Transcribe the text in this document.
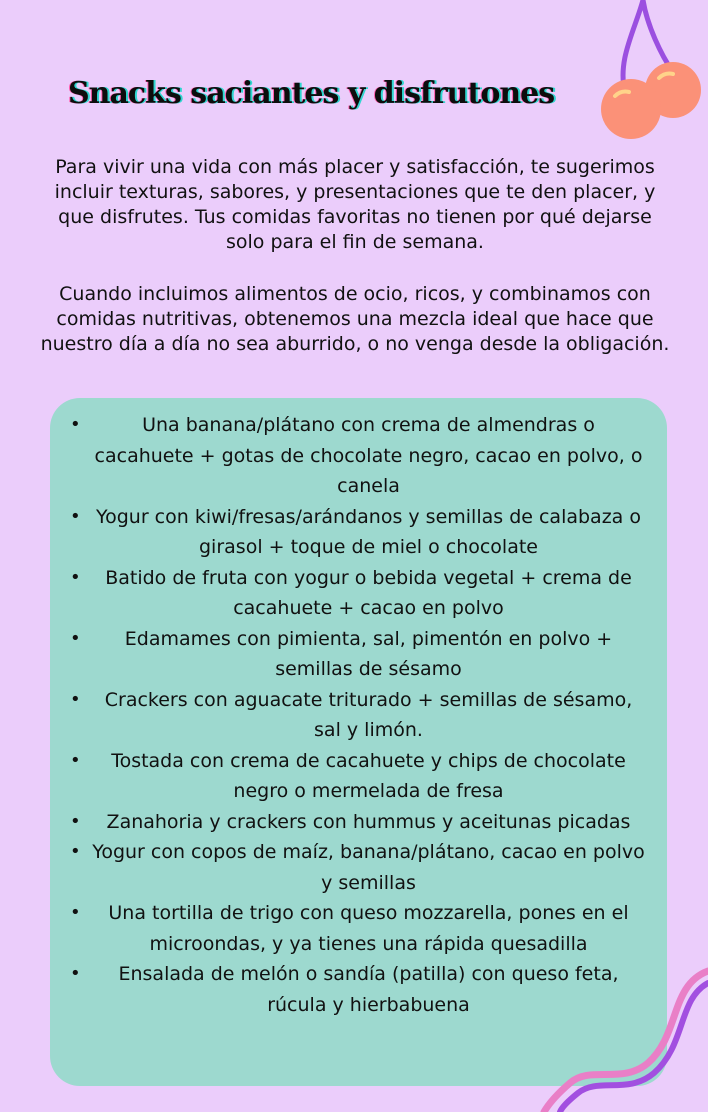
Snacks saciantes y disfrutones

Para vivir una vida con más placer y satisfacción, te sugerimos incluir texturas, sabores, y presentaciones que te den placer, y que disfrutes. Tus comidas favoritas no tienen por qué dejarse solo para el fin de semana.

Cuando incluimos alimentos de ocio, ricos, y combinamos con comidas nutritivas, obtenemos una mezcla ideal que hace que nuestro día a día no sea aburrido, o no venga desde la obligación.

•	Una banana/plátano con crema de almendras o cacahuete + gotas de chocolate negro, cacao en polvo, o canela
• Yogur con kiwi/fresas/arándanos y semillas de calabaza o girasol + toque de miel o chocolate
• Batido de fruta con yogur o bebida vegetal + crema de cacahuete + cacao en polvo
• Edamames con pimienta, sal, pimentón en polvo + semillas de sésamo
• Crackers con aguacate triturado + semillas de sésamo, sal y limón.
• Tostada con crema de cacahuete y chips de chocolate negro o mermelada de fresa
• Zanahoria y crackers con hummus y aceitunas picadas
• Yogur con copos de maíz, banana/plátano, cacao en polvo y semillas
• Una tortilla de trigo con queso mozzarella, pones en el microondas, y ya tienes una rápida quesadilla
• Ensalada de melón o sandía (patilla) con queso feta, rúcula y hierbabuena
